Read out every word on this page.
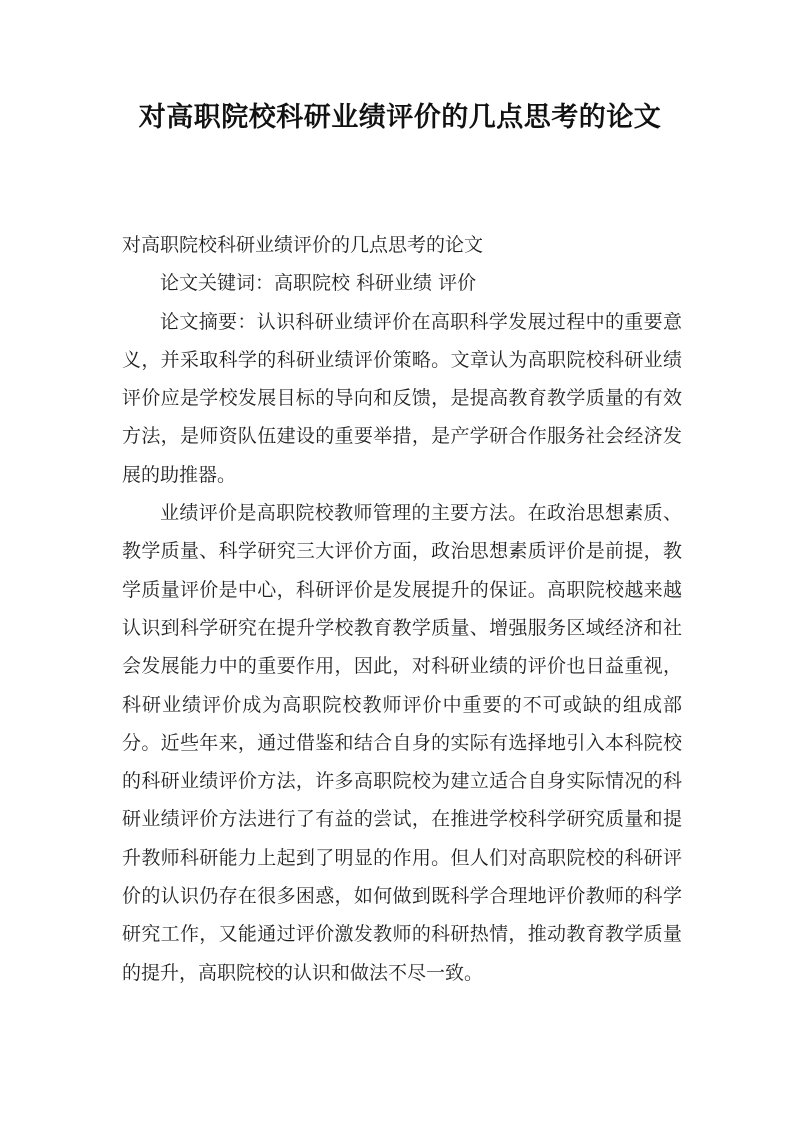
对高职院校科研业绩评价的几点思考的论文

对高职院校科研业绩评价的几点思考的论文

论文关键词：高职院校 科研业绩 评价

论文摘要：认识科研业绩评价在高职科学发展过程中的重要意义，并采取科学的科研业绩评价策略。文章认为高职院校科研业绩评价应是学校发展目标的导向和反馈，是提高教育教学质量的有效方法，是师资队伍建设的重要举措，是产学研合作服务社会经济发展的助推器。

业绩评价是高职院校教师管理的主要方法。在政治思想素质、教学质量、科学研究三大评价方面，政治思想素质评价是前提，教学质量评价是中心，科研评价是发展提升的保证。高职院校越来越认识到科学研究在提升学校教育教学质量、增强服务区域经济和社会发展能力中的重要作用，因此，对科研业绩的评价也日益重视，科研业绩评价成为高职院校教师评价中重要的不可或缺的组成部分。近些年来，通过借鉴和结合自身的实际有选择地引入本科院校的科研业绩评价方法，许多高职院校为建立适合自身实际情况的科研业绩评价方法进行了有益的尝试，在推进学校科学研究质量和提升教师科研能力上起到了明显的作用。但人们对高职院校的科研评价的认识仍存在很多困惑，如何做到既科学合理地评价教师的科学研究工作，又能通过评价激发教师的科研热情，推动教育教学质量的提升，高职院校的认识和做法不尽一致。
